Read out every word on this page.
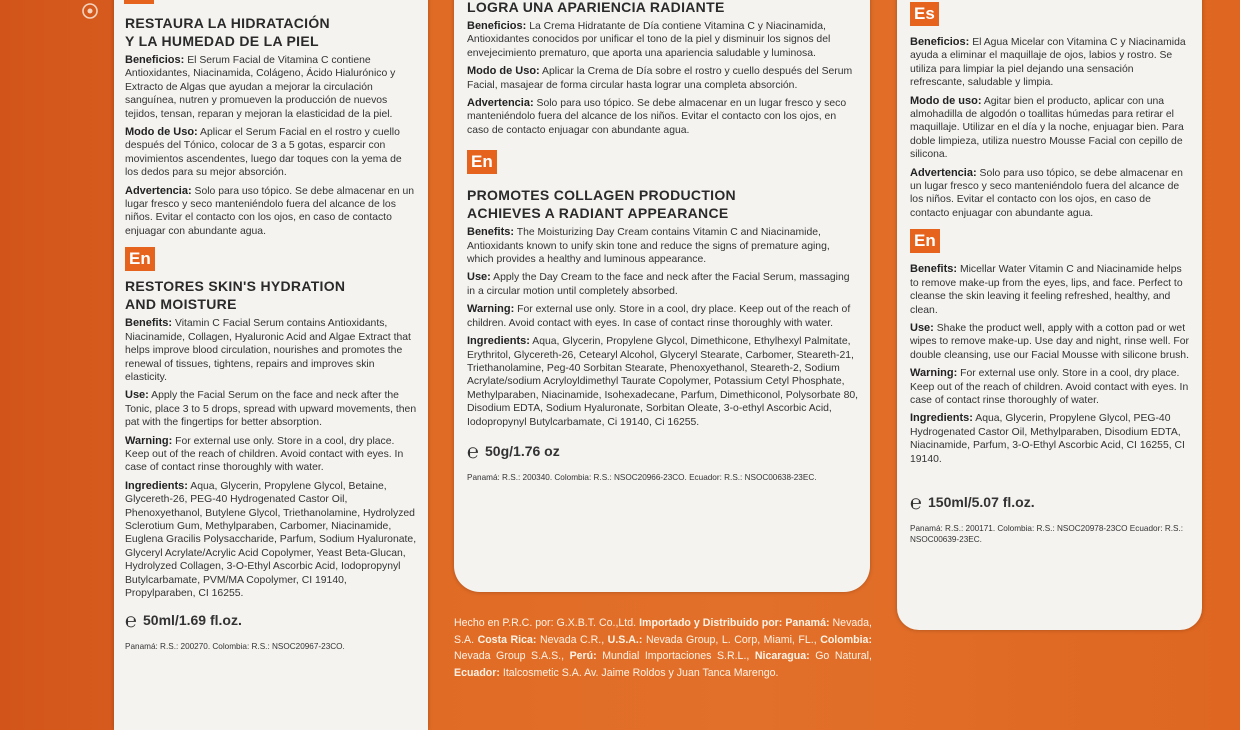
RESTAURA LA HIDRATACIÓN
Y LA HUMEDAD DE LA PIEL

Beneficios: El Serum Facial de Vitamina C contiene Antioxidantes, Niacinamida, Colágeno, Ácido Hialurónico y Extracto de Algas que ayudan a mejorar la circulación sanguínea, nutren y promueven la producción de nuevos tejidos, tensan, reparan y mejoran la elasticidad de la piel.

Modo de Uso: Aplicar el Serum Facial en el rostro y cuello después del Tónico, colocar de 3 a 5 gotas, esparcir con movimientos ascendentes, luego dar toques con la yema de los dedos para su mejor absorción.

Advertencia: Solo para uso tópico. Se debe almacenar en un lugar fresco y seco manteniéndolo fuera del alcance de los niños. Evitar el contacto con los ojos, en caso de contacto enjuagar con abundante agua.

En
RESTORES SKIN'S HYDRATION
AND MOISTURE

Benefits: Vitamin C Facial Serum contains Antioxidants, Niacinamide, Collagen, Hyaluronic Acid and Algae Extract that helps improve blood circulation, nourishes and promotes the renewal of tissues, tightens, repairs and improves skin elasticity.

Use: Apply the Facial Serum on the face and neck after the Tonic, place 3 to 5 drops, spread with upward movements, then pat with the fingertips for better absorption.

Warning: For external use only. Store in a cool, dry place. Keep out of the reach of children. Avoid contact with eyes. In case of contact rinse thoroughly with water.

Ingredients: Aqua, Glycerin, Propylene Glycol, Betaine, Glycereth-26, PEG-40 Hydrogenated Castor Oil, Phenoxyethanol, Butylene Glycol, Triethanolamine, Hydrolyzed Sclerotium Gum, Methylparaben, Carbomer, Niacinamide, Euglena Gracilis Polysaccharide, Parfum, Sodium Hyaluronate, Glyceryl Acrylate/Acrylic Acid Copolymer, Yeast Beta-Glucan, Hydrolyzed Collagen, 3-O-Ethyl Ascorbic Acid, Iodopropynyl Butylcarbamate, PVM/MA Copolymer, CI 19140, Propylparaben, CI 16255.

℮ 50ml/1.69 fl.oz.
Panamá: R.S.: 200270. Colombia: R.S.: NSOC20967-23CO.
LOGRA UNA APARIENCIA RADIANTE

Beneficios: La Crema Hidratante de Día contiene Vitamina C y Niacinamida, Antioxidantes conocidos por unificar el tono de la piel y disminuir los signos del envejecimiento prematuro, que aporta una apariencia saludable y luminosa.

Modo de Uso: Aplicar la Crema de Día sobre el rostro y cuello después del Serum Facial, masajear de forma circular hasta lograr una completa absorción.

Advertencia: Solo para uso tópico. Se debe almacenar en un lugar fresco y seco manteniéndolo fuera del alcance de los niños. Evitar el contacto con los ojos, en caso de contacto enjuagar con abundante agua.

En
PROMOTES COLLAGEN PRODUCTION
ACHIEVES A RADIANT APPEARANCE

Benefits: The Moisturizing Day Cream contains Vitamin C and Niacinamide, Antioxidants known to unify skin tone and reduce the signs of premature aging, which provides a healthy and luminous appearance.

Use: Apply the Day Cream to the face and neck after the Facial Serum, massaging in a circular motion until completely absorbed.

Warning: For external use only. Store in a cool, dry place. Keep out of the reach of children. Avoid contact with eyes. In case of contact rinse thoroughly with water.

Ingredients: Aqua, Glycerin, Propylene Glycol, Dimethicone, Ethylhexyl Palmitate, Erythritol, Glycereth-26, Cetearyl Alcohol, Glyceryl Stearate, Carbomer, Steareth-21, Triethanolamine, Peg-40 Sorbitan Stearate, Phenoxyethanol, Steareth-2, Sodium Acrylate/sodium Acryloyldimethyl Taurate Copolymer, Potassium Cetyl Phosphate, Methylparaben, Niacinamide, Isohexadecane, Parfum, Dimethiconol, Polysorbate 80, Disodium EDTA, Sodium Hyaluronate, Sorbitan Oleate, 3-o-ethyl Ascorbic Acid, Iodopropynyl Butylcarbamate, Ci 19140, Ci 16255.

℮ 50g/1.76 oz
Panamá: R.S.: 200340. Colombia: R.S.: NSOC20966-23CO. Ecuador: R.S.: NSOC00638-23EC.
Es

Beneficios: El Agua Micelar con Vitamina C y Niacinamida ayuda a eliminar el maquillaje de ojos, labios y rostro. Se utiliza para limpiar la piel dejando una sensación refrescante, saludable y limpia.

Modo de uso: Agitar bien el producto, aplicar con una almohadilla de algodón o toallitas húmedas para retirar el maquillaje. Utilizar en el día y la noche, enjuagar bien. Para doble limpieza, utiliza nuestro Mousse Facial con cepillo de silicona.

Advertencia: Solo para uso tópico, se debe almacenar en un lugar fresco y seco manteniéndolo fuera del alcance de los niños. Evitar el contacto con los ojos, en caso de contacto enjuagar con abundante agua.

En

Benefits: Micellar Water Vitamin C and Niacinamide helps to remove make-up from the eyes, lips, and face. Perfect to cleanse the skin leaving it feeling refreshed, healthy, and clean.

Use: Shake the product well, apply with a cotton pad or wet wipes to remove make-up. Use day and night, rinse well. For double cleansing, use our Facial Mousse with silicone brush.

Warning: For external use only. Store in a cool, dry place. Keep out of the reach of children. Avoid contact with eyes. In case of contact rinse thoroughly of water.

Ingredients: Aqua, Glycerin, Propylene Glycol, PEG-40 Hydrogenated Castor Oil, Methylparaben, Disodium EDTA, Niacinamide, Parfum, 3-O-Ethyl Ascorbic Acid, CI 16255, CI 19140.

℮ 150ml/5.07 fl.oz.
Panamá: R.S.: 200171. Colombia: R.S.: NSOC20978-23CO Ecuador: R.S.: NSOC00639-23EC.
Hecho en P.R.C. por: G.X.B.T. Co.,Ltd. Importado y Distribuido por: Panamá: Nevada, S.A. Costa Rica: Nevada C.R., U.S.A.: Nevada Group, L. Corp, Miami, FL., Colombia: Nevada Group S.A.S., Perú: Mundial Importaciones S.R.L., Nicaragua: Go Natural, Ecuador: Italcosmetic S.A. Av. Jaime Roldos y Juan Tanca Marengo.
